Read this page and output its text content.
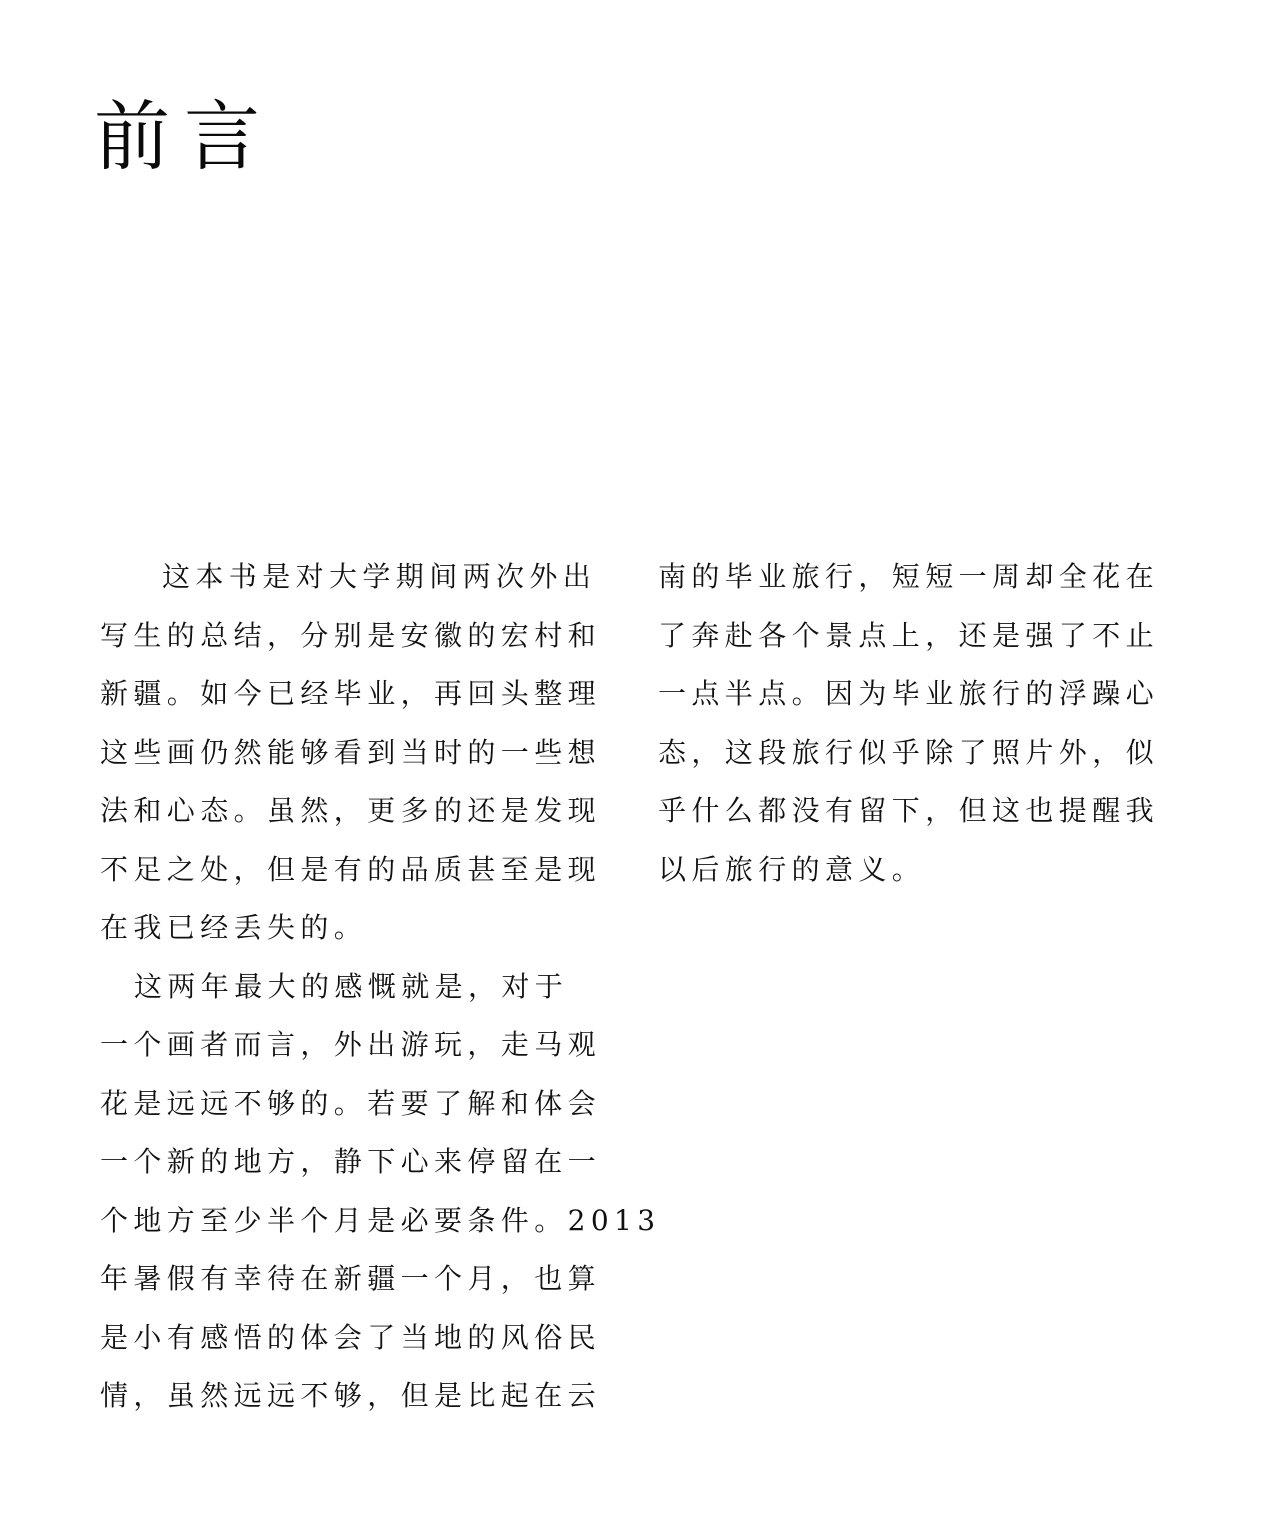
前言
这本书是对大学期间两次外出
写生的总结，分别是安徽的宏村和
新疆。如今已经毕业，再回头整理
这些画仍然能够看到当时的一些想
法和心态。虽然，更多的还是发现
不足之处，但是有的品质甚至是现
在我已经丢失的。
这两年最大的感慨就是，对于
一个画者而言，外出游玩，走马观
花是远远不够的。若要了解和体会
一个新的地方，静下心来停留在一
个地方至少半个月是必要条件。2013
年暑假有幸待在新疆一个月，也算
是小有感悟的体会了当地的风俗民
情，虽然远远不够，但是比起在云
南的毕业旅行，短短一周却全花在
了奔赴各个景点上，还是强了不止
一点半点。因为毕业旅行的浮躁心
态，这段旅行似乎除了照片外，似
乎什么都没有留下，但这也提醒我
以后旅行的意义。
